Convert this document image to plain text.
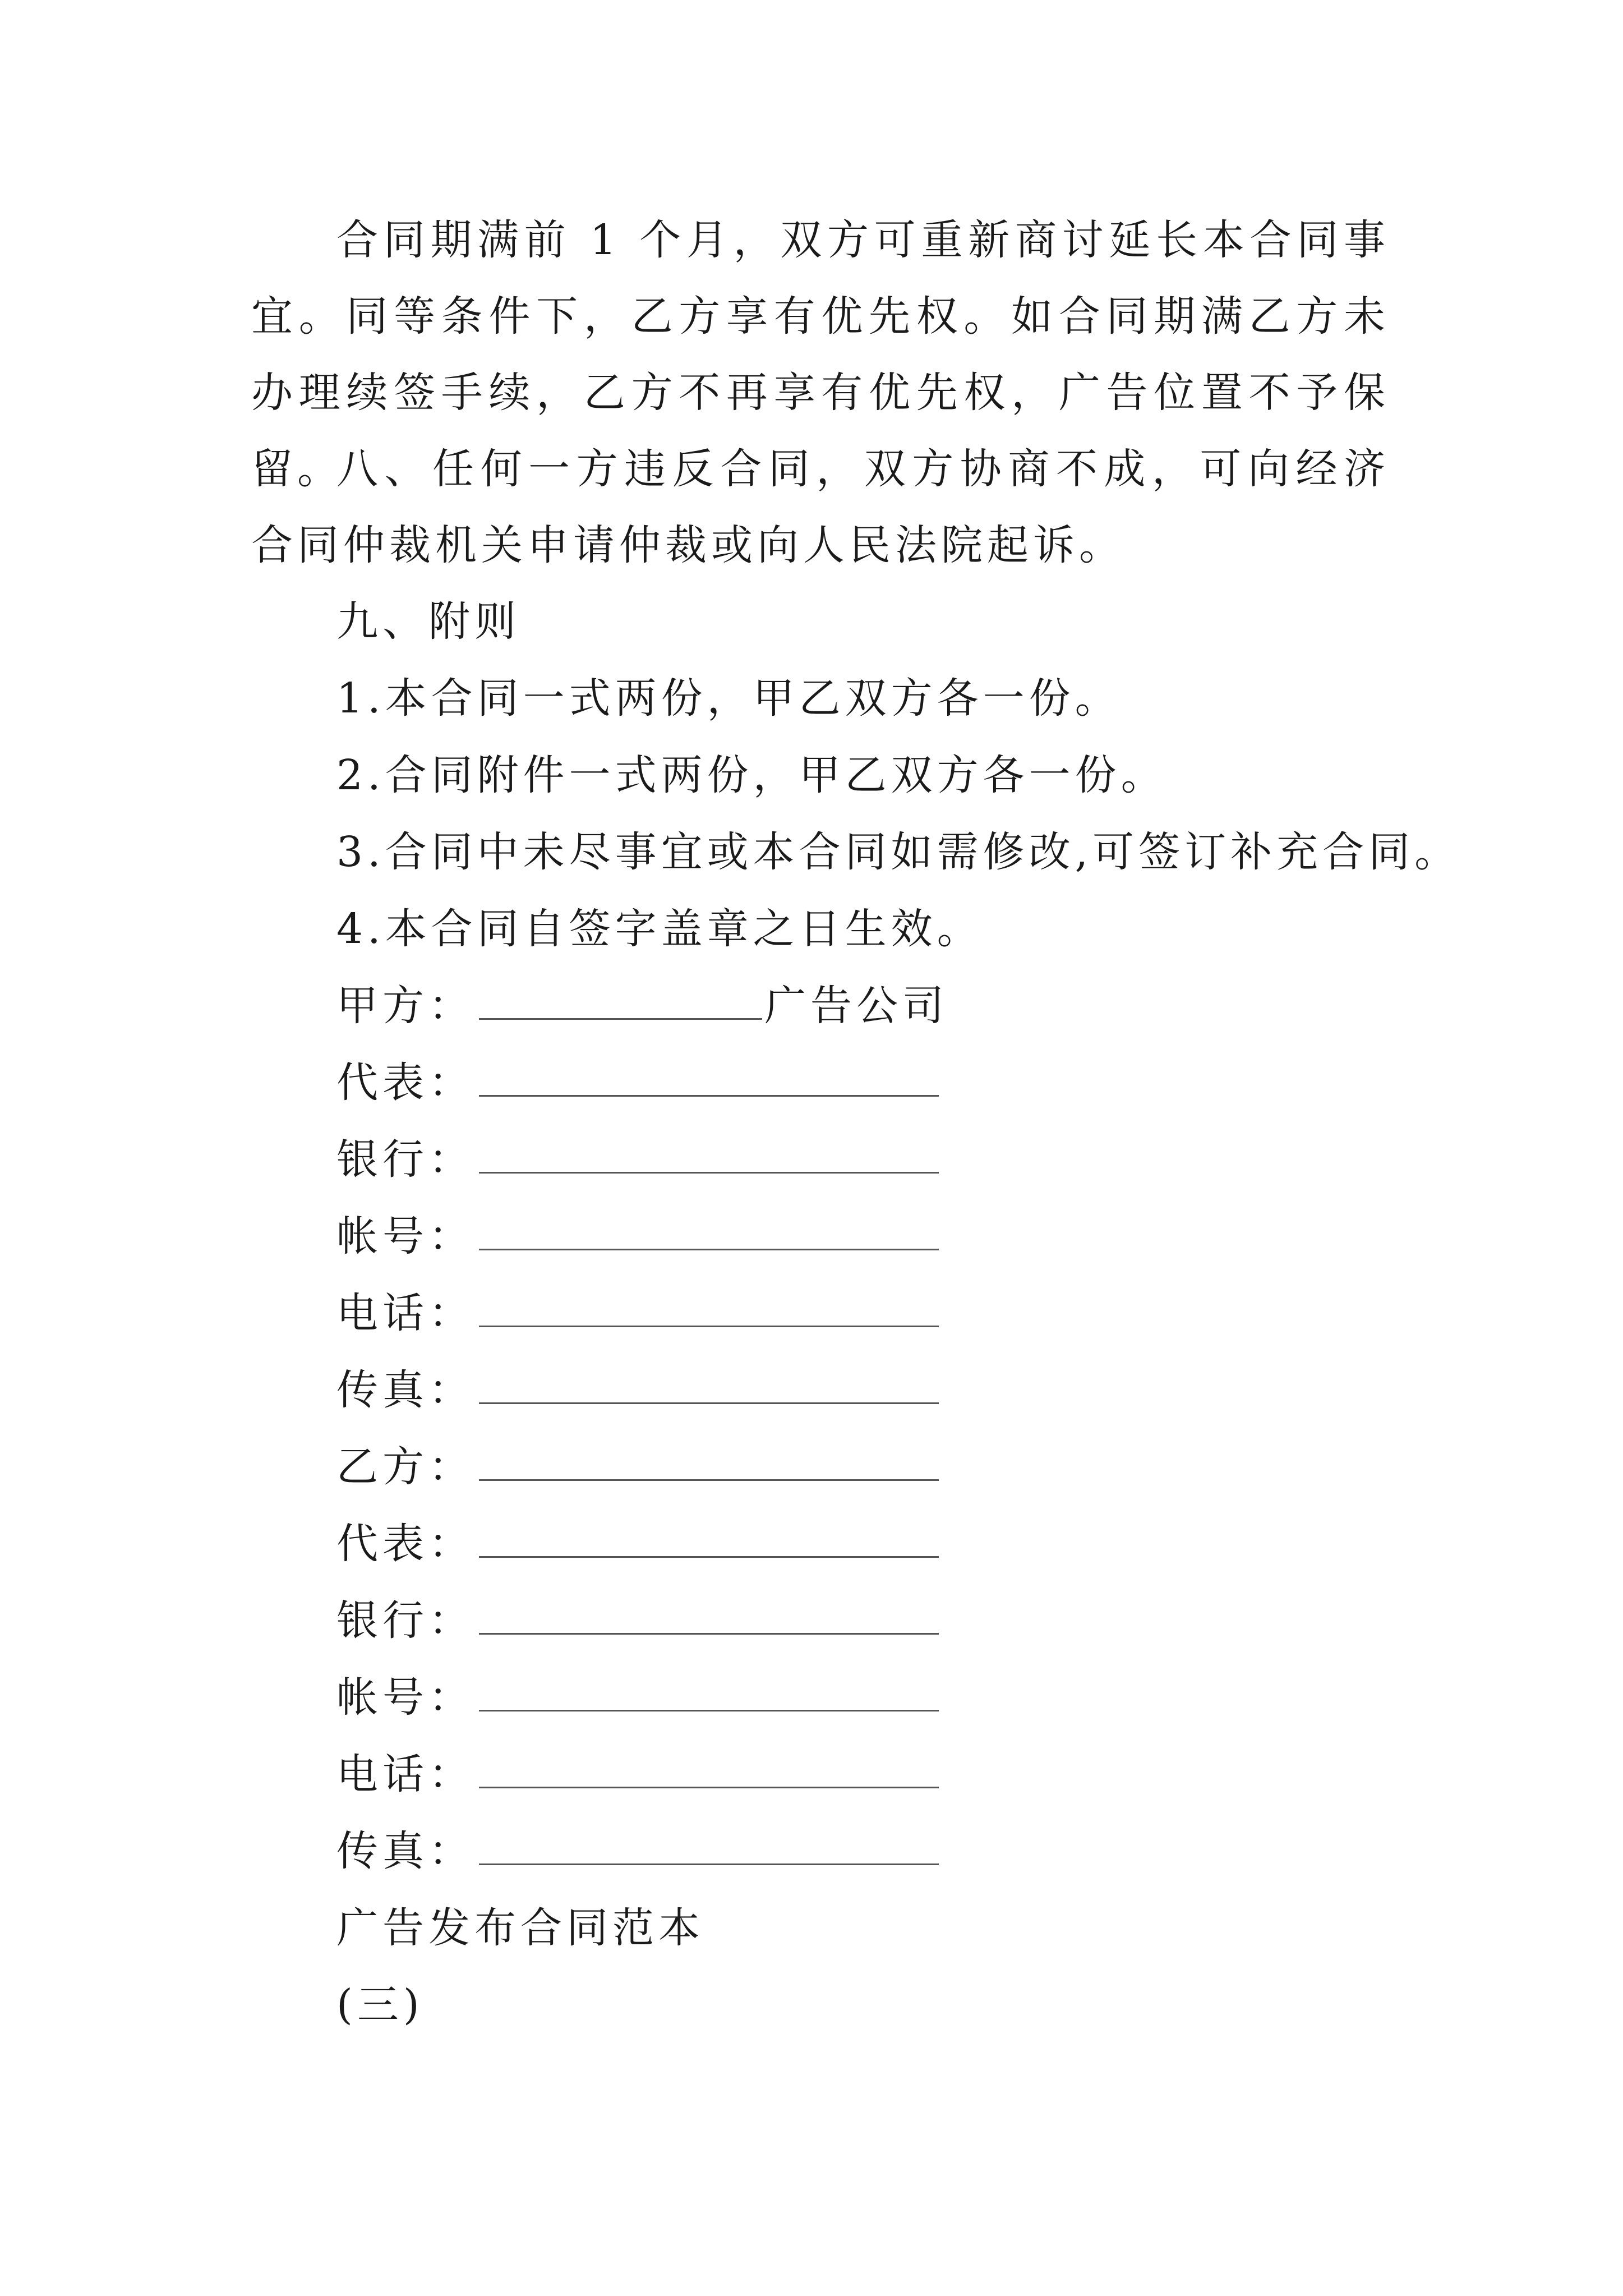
合同期满前 1 个月，双方可重新商讨延长本合同事宜。同等条件下，乙方享有优先权。如合同期满乙方未办理续签手续，乙方不再享有优先权，广告位置不予保留。

八、任何一方违反合同，双方协商不成，可向经济合同仲裁机关申请仲裁或向人民法院起诉。

九、附则

1.本合同一式两份，甲乙双方各一份。

2.合同附件一式两份，甲乙双方各一份。

3.合同中未尽事宜或本合同如需修改,可签订补充合同。

4.本合同自签字盖章之日生效。

甲方：	广告公司
代表：
银行：
帐号：
电话：
传真：
乙方：
代表：
银行：
帐号：
电话：
传真：

广告发布合同范本

(三)
